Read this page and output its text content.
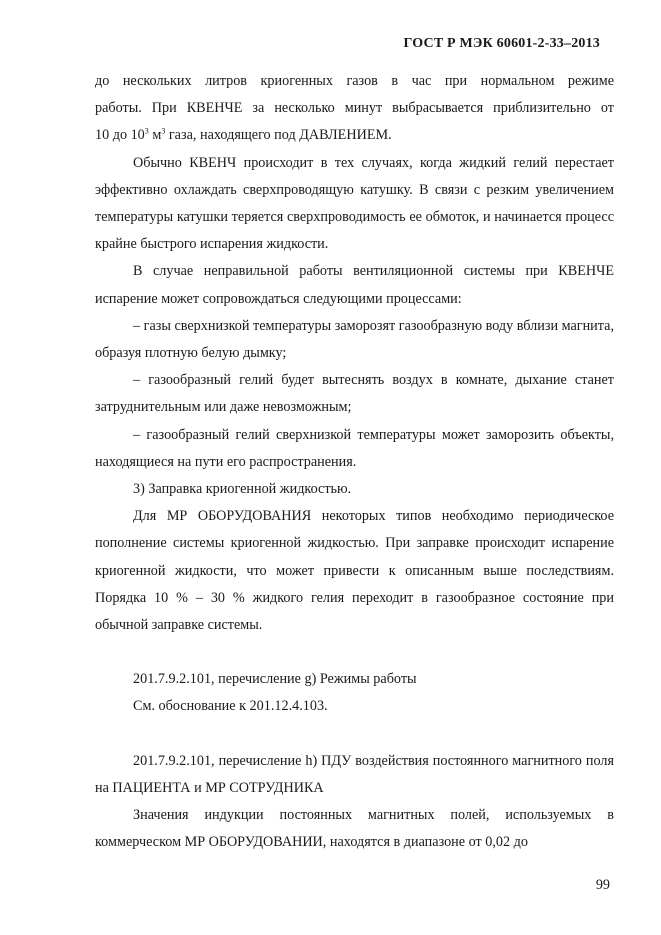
ГОСТ Р МЭК 60601-2-33–2013

до нескольких литров криогенных газов в час при нормальном режиме
работы. При КВЕНЧЕ за несколько минут выбрасывается приблизительно от
10 до $10^3$ $м^3$ газа, находящего под ДАВЛЕНИЕМ.

Обычно КВЕНЧ происходит в тех случаях, когда жидкий гелий перестает эффективно охлаждать сверхпроводящую катушку. В связи с резким увеличением температуры катушки теряется сверхпроводимость ее обмоток, и начинается процесс крайне быстрого испарения жидкости.

В случае неправильной работы вентиляционной системы при КВЕНЧЕ испарение может сопровождаться следующими процессами:

– газы сверхнизкой температуры заморозят газообразную воду вблизи магнита, образуя плотную белую дымку;

– газообразный гелий будет вытеснять воздух в комнате, дыхание станет затруднительным или даже невозможным;

– газообразный гелий сверхнизкой температуры может заморозить объекты, находящиеся на пути его распространения.

3) Заправка криогенной жидкостью.

Для МР ОБОРУДОВАНИЯ некоторых типов необходимо периодическое пополнение системы криогенной жидкостью. При заправке происходит испарение криогенной жидкости, что может привести к описанным выше последствиям. Порядка 10 % – 30 % жидкого гелия переходит в газообразное состояние при обычной заправке системы.

201.7.9.2.101, перечисление g) Режимы работы

См. обоснование к 201.12.4.103.

201.7.9.2.101, перечисление h) ПДУ воздействия постоянного магнитного поля на ПАЦИЕНТА и МР СОТРУДНИКА

Значения индукции постоянных магнитных полей, используемых в коммерческом МР ОБОРУДОВАНИИ, находятся в диапазоне от 0,02 до

99
